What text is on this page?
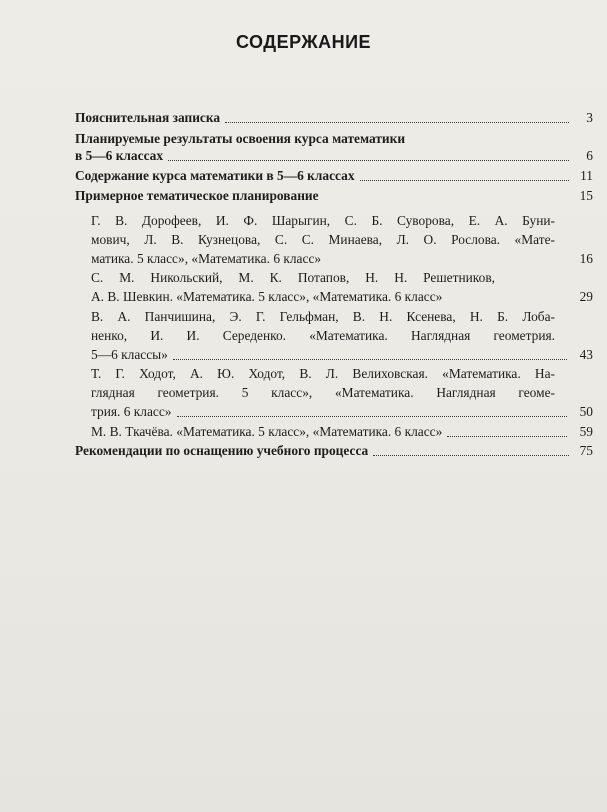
СОДЕРЖАНИЕ
Пояснительная записка	3
Планируемые результаты освоения курса математики
в 5—6 классах	6
Содержание курса математики в 5—6 классах	11
Примерное тематическое планирование	15
Г. В. Дорофеев, И. Ф. Шарыгин, С. Б. Суворова, Е. А. Буни-
мович, Л. В. Кузнецова, С. С. Минаева, Л. О. Рослова. «Мате-
матика. 5 класс», «Математика. 6 класс»	16
С. М. Никольский, М. К. Потапов, Н. Н. Решетников,
А. В. Шевкин. «Математика. 5 класс», «Математика. 6 класс»	29
В. А. Панчишина, Э. Г. Гельфман, В. Н. Ксенева, Н. Б. Лоба-
ненко, И. И. Середенко. «Математика. Наглядная геометрия.
5—6 классы»	43
Т. Г. Ходот, А. Ю. Ходот, В. Л. Велиховская. «Математика. На-
глядная геометрия. 5 класс», «Математика. Наглядная геоме-
трия. 6 класс»	50
М. В. Ткачёва. «Математика. 5 класс», «Математика. 6 класс»	59
Рекомендации по оснащению учебного процесса	75
